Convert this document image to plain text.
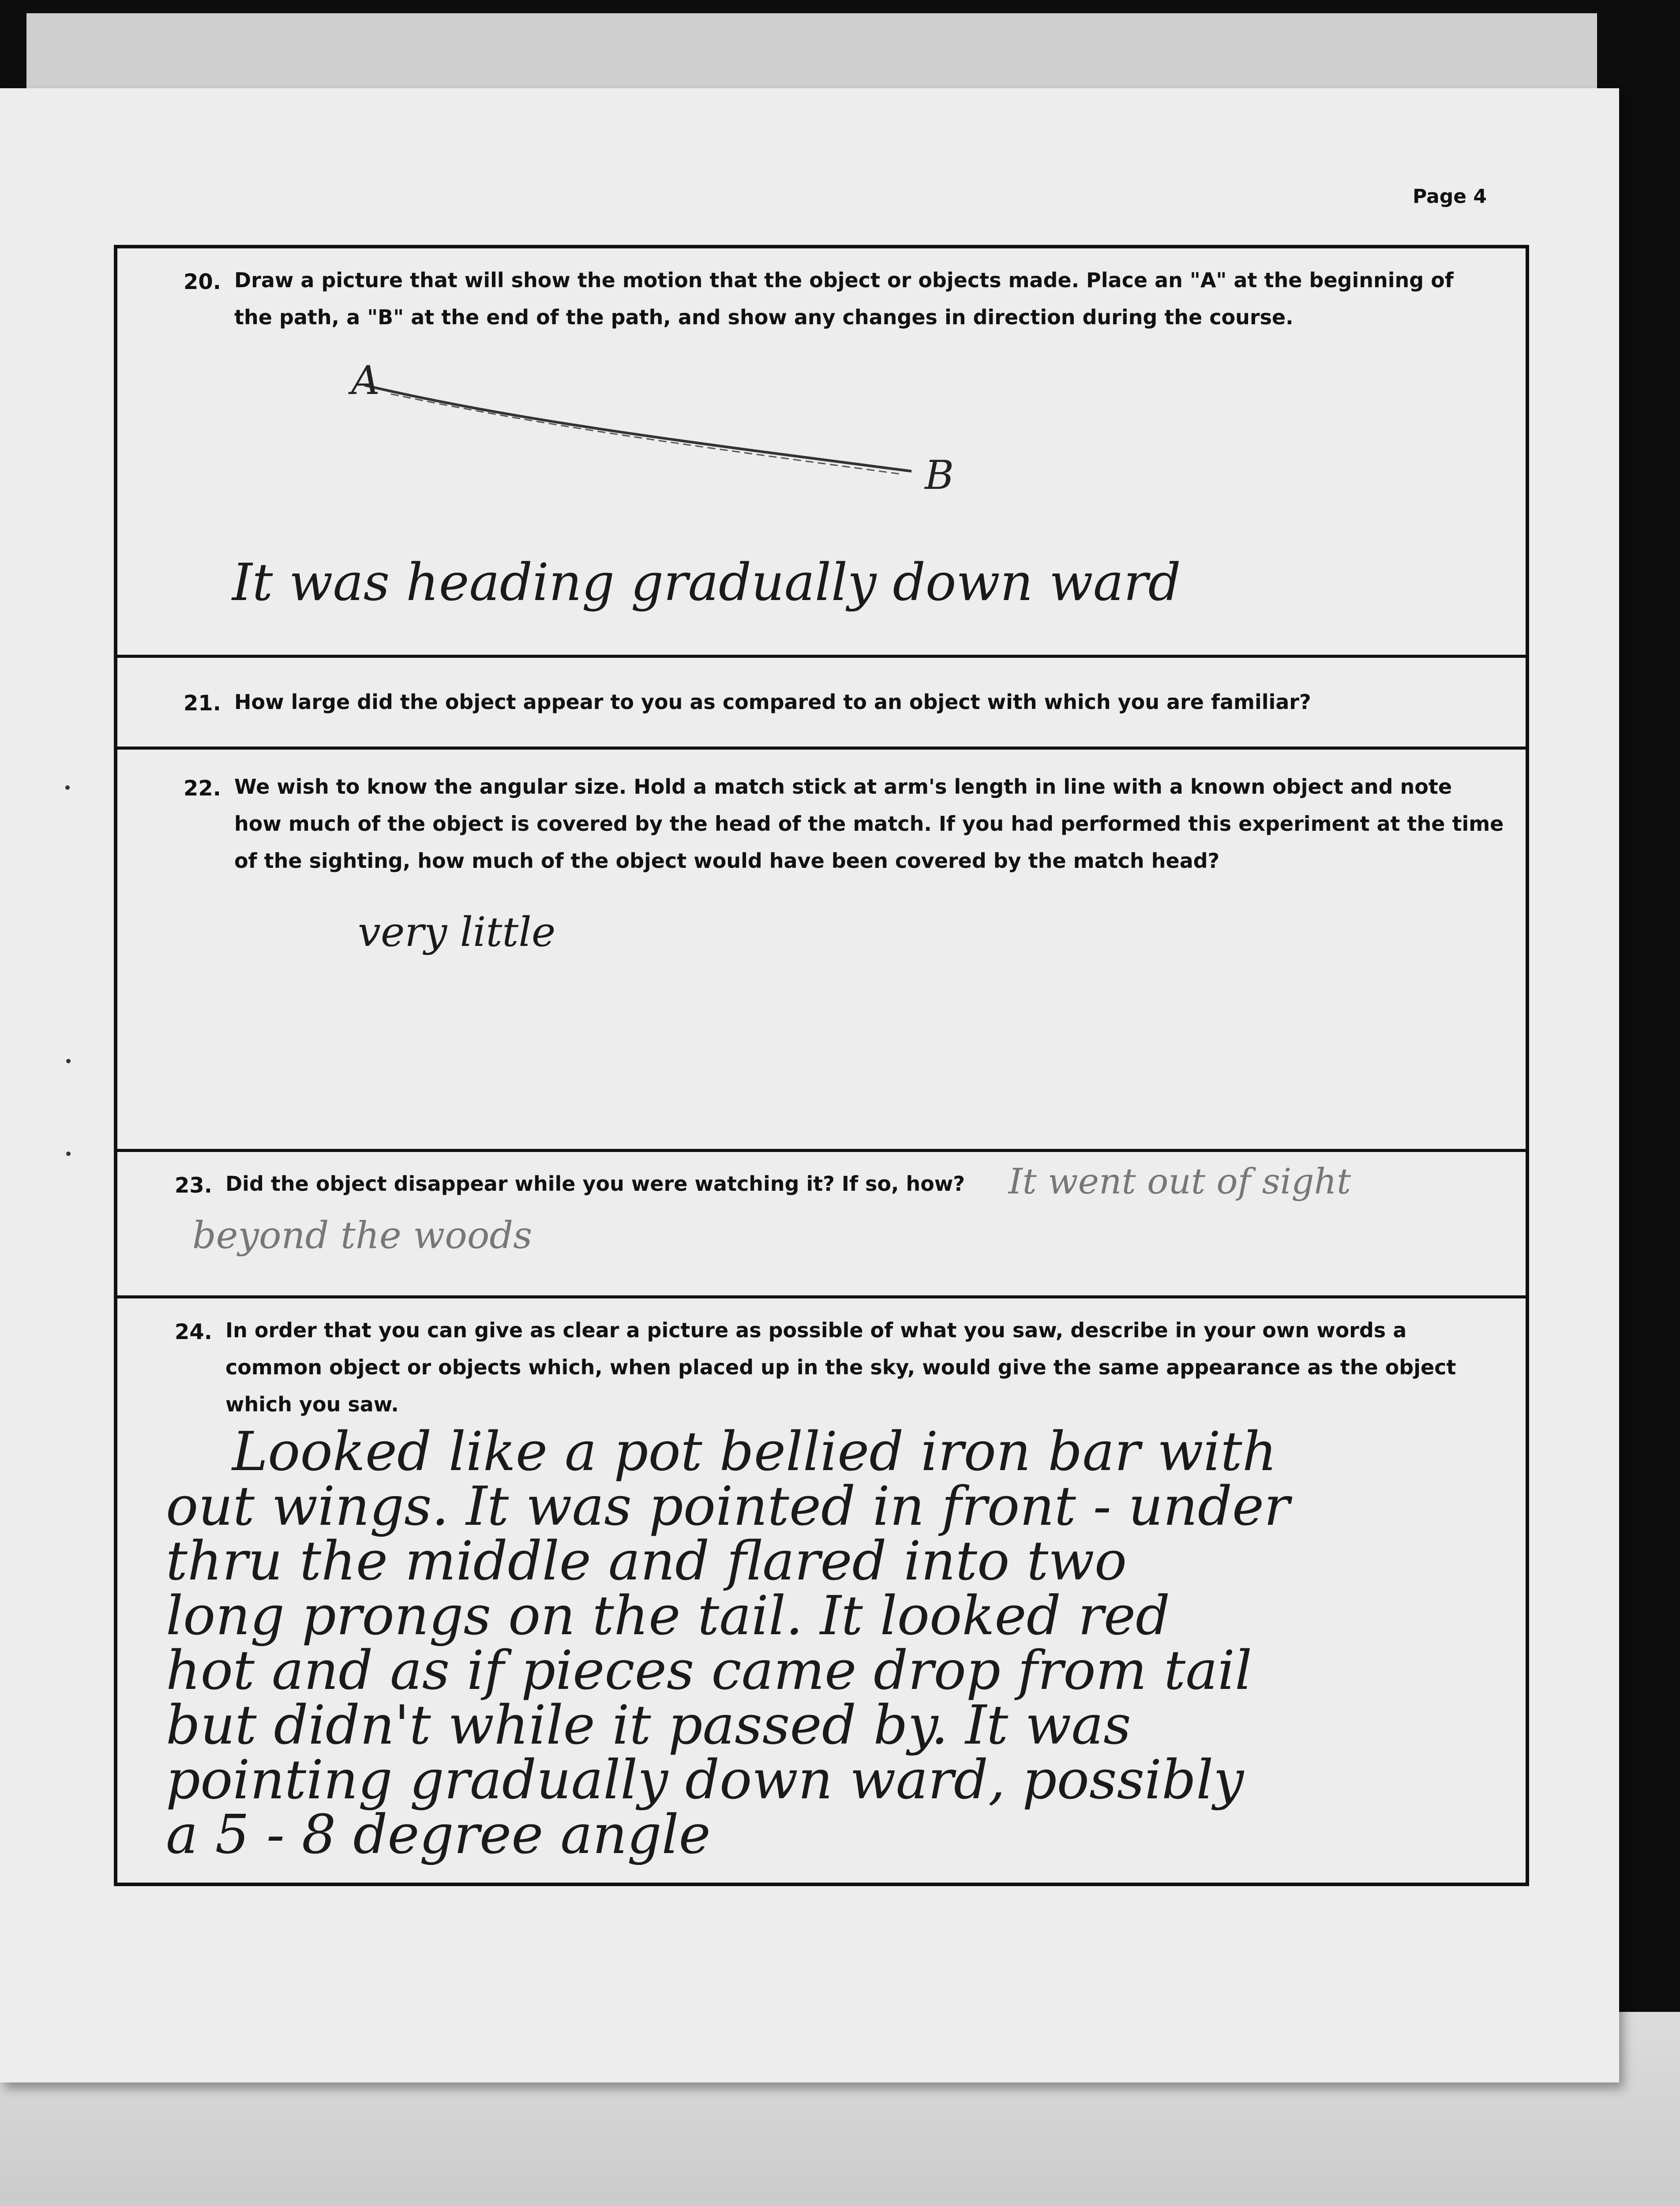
Page 4
20. Draw a picture that will show the motion that the object or objects made. Place an "A" at the beginning of
the path, a "B" at the end of the path, and show any changes in direction during the course.
A
B
It was heading gradually down ward
21. How large did the object appear to you as compared to an object with which you are familiar?
22. We wish to know the angular size. Hold a match stick at arm's length in line with a known object and note
how much of the object is covered by the head of the match. If you had performed this experiment at the time
of the sighting, how much of the object would have been covered by the match head?
very little
23. Did the object disappear while you were watching it? If so, how? It went out of sight
beyond the woods
24. In order that you can give as clear a picture as possible of what you saw, describe in your own words a
common object or objects which, when placed up in the sky, would give the same appearance as the object
which you saw.
Looked like a pot bellied iron bar with
out wings. It was pointed in front - under
thru the middle and flared into two
long prongs on the tail. It looked red
hot and as if pieces came drop from tail
but didn't while it passed by. It was
pointing gradually down ward, possibly
a 5 - 8 degree angle
